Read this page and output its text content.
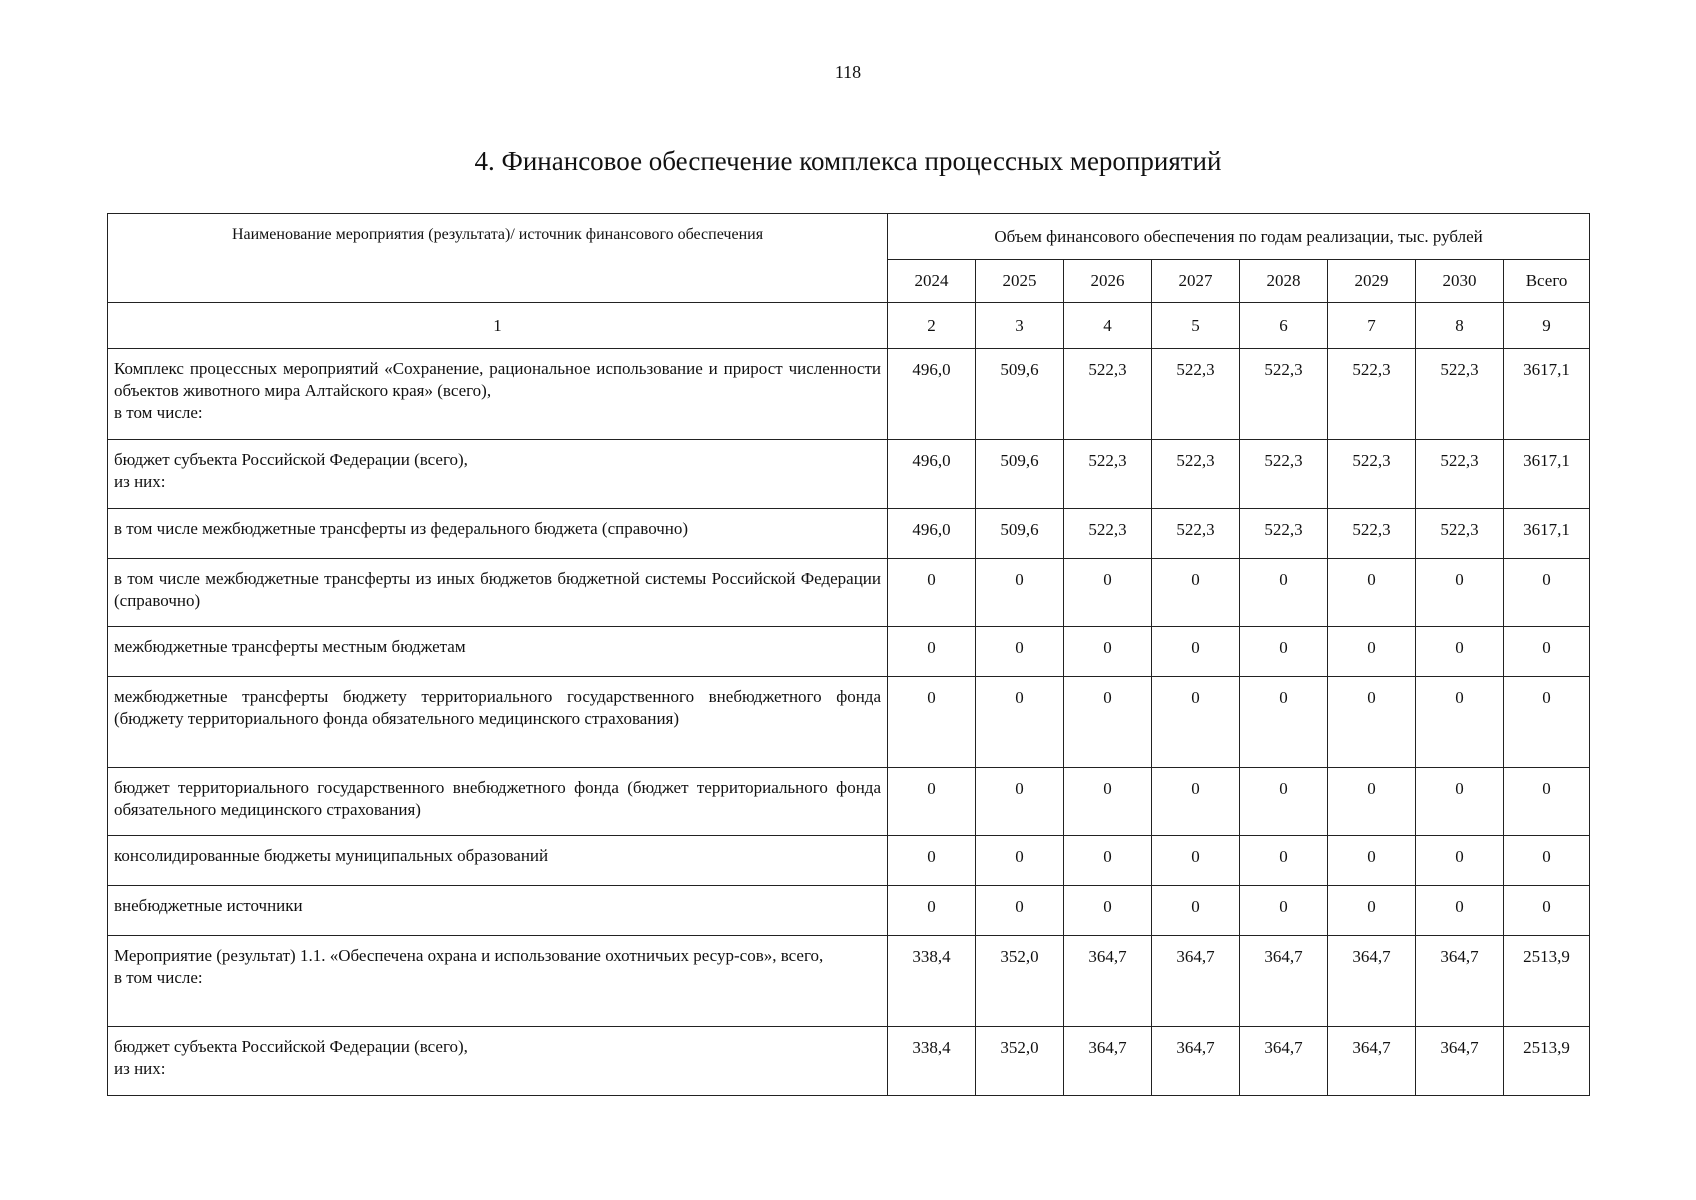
118
4. Финансовое обеспечение комплекса процессных мероприятий
Наименование мероприятия (результата)/ источник финансового обеспечения	Объем финансового обеспечения по годам реализации, тыс. рублей							
	2024	2025	2026	2027	2028	2029	2030	Всего
1	2	3	4	5	6	7	8	9

Комплекс процессных мероприятий «Сохранение, рациональное использование и прирост численности объектов животного мира Алтайского края» (всего),
в том числе:	496,0	509,6	522,3	522,3	522,3	522,3	522,3	3617,1

бюджет субъекта Российской Федерации (всего),
из них:	496,0	509,6	522,3	522,3	522,3	522,3	522,3	3617,1

в том числе межбюджетные трансферты из федерального бюджета (справочно)	496,0	509,6	522,3	522,3	522,3	522,3	522,3	3617,1

в том числе межбюджетные трансферты из иных бюджетов бюджетной системы Российской Федерации (справочно)	0	0	0	0	0	0	0	0

межбюджетные трансферты местным бюджетам	0	0	0	0	0	0	0	0

межбюджетные трансферты бюджету территориального государственного внебюджетного фонда (бюджету территориального фонда обязательного медицинского страхования)	0	0	0	0	0	0	0	0

бюджет территориального государственного внебюджетного фонда (бюджет территориального фонда обязательного медицинского страхования)	0	0	0	0	0	0	0	0

консолидированные бюджеты муниципальных образований	0	0	0	0	0	0	0	0

внебюджетные источники	0	0	0	0	0	0	0	0

Мероприятие (результат) 1.1. «Обеспечена охрана и использование охотничьих ресур-сов», всего,
в том числе:	338,4	352,0	364,7	364,7	364,7	364,7	364,7	2513,9

бюджет субъекта Российской Федерации (всего),
из них:	338,4	352,0	364,7	364,7	364,7	364,7	364,7	2513,9
